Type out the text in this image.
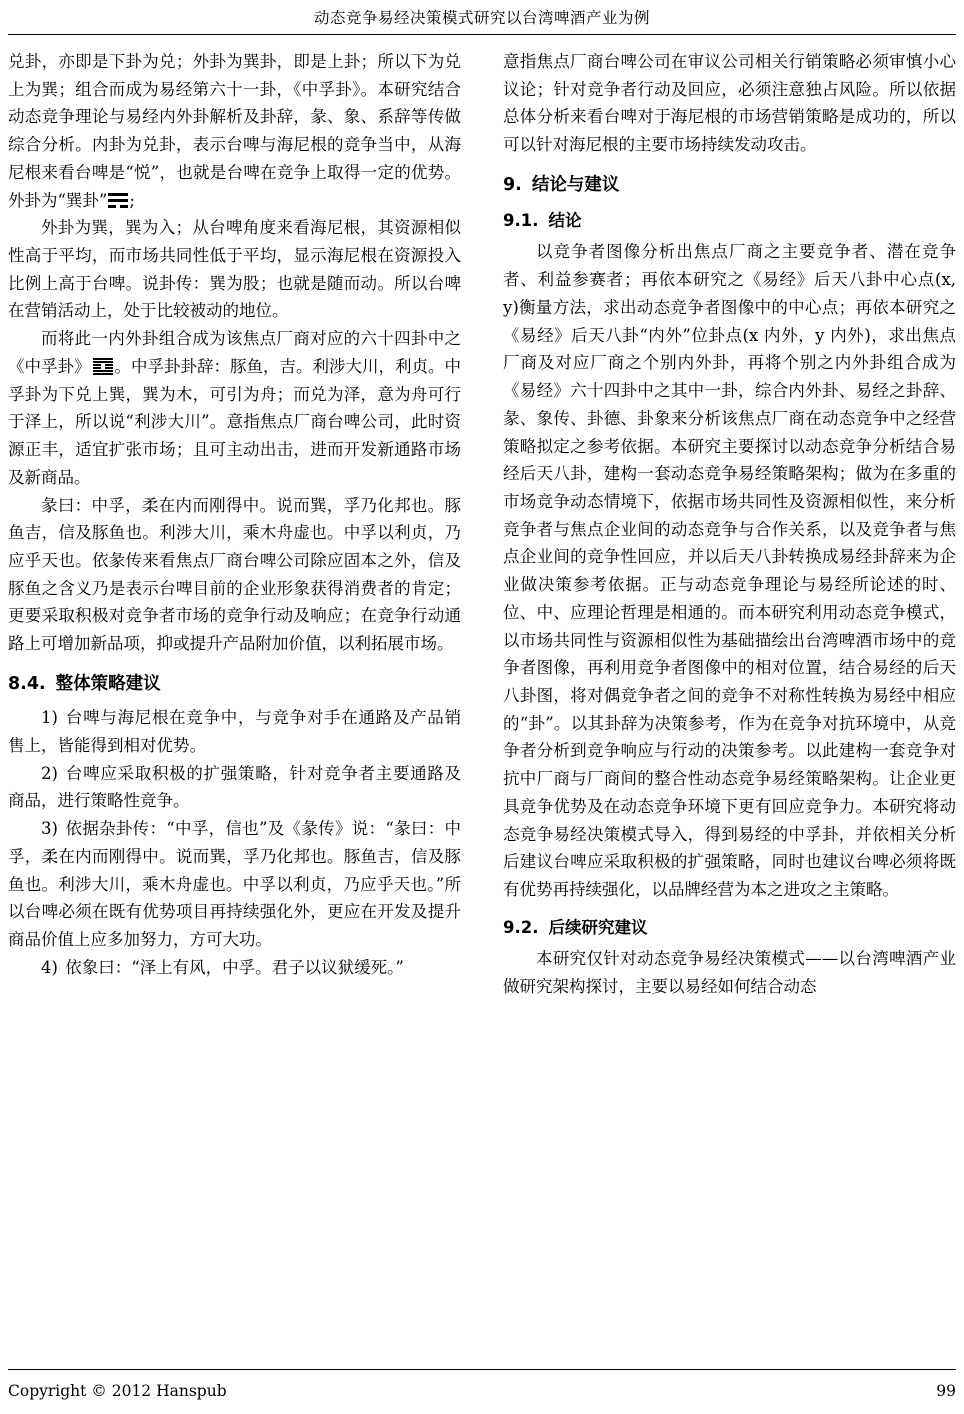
动态竞争易经决策模式研究以台湾啤酒产业为例

兑卦，亦即是下卦为兑；外卦为巽卦，即是上卦；所以下为兑上为巽；组合而成为易经第六十一卦，《中孚卦》。本研究结合动态竞争理论与易经内外卦解析及卦辞，彖、象、系辞等传做综合分析。内卦为兑卦，表示台啤与海尼根的竞争当中，从海尼根来看台啤是“悦”，也就是台啤在竞争上取得一定的优势。外卦为“巽卦” ;

外卦为巽，巽为入；从台啤角度来看海尼根，其资源相似性高于平均，而市场共同性低于平均，显示海尼根在资源投入比例上高于台啤。说卦传：巽为股；也就是随而动。所以台啤在营销活动上，处于比较被动的地位。

而将此一内外卦组合成为该焦点厂商对应的六十四卦中之《中孚卦》 。中孚卦卦辞：豚鱼，吉。利涉大川，利贞。中孚卦为下兑上巽，巽为木，可引为舟；而兑为泽，意为舟可行于泽上，所以说“利涉大川”。意指焦点厂商台啤公司，此时资源正丰，适宜扩张市场；且可主动出击，进而开发新通路市场及新商品。

彖曰：中孚，柔在内而刚得中。说而巽，孚乃化邦也。豚鱼吉，信及豚鱼也。利涉大川，乘木舟虚也。中孚以利贞，乃应乎天也。依彖传来看焦点厂商台啤公司除应固本之外，信及豚鱼之含义乃是表示台啤目前的企业形象获得消费者的肯定；更要采取积极对竞争者市场的竞争行动及响应；在竞争行动通路上可增加新品项，抑或提升产品附加价值，以利拓展市场。

8.4. 整体策略建议

1) 台啤与海尼根在竞争中，与竞争对手在通路及产品销售上，皆能得到相对优势。

2) 台啤应采取积极的扩强策略，针对竞争者主要通路及商品，进行策略性竞争。

3) 依据杂卦传：“中孚，信也”及《彖传》说：“彖曰：中孚，柔在内而刚得中。说而巽，孚乃化邦也。豚鱼吉，信及豚鱼也。利涉大川，乘木舟虚也。中孚以利贞，乃应乎天也。”所以台啤必须在既有优势项目再持续强化外，更应在开发及提升商品价值上应多加努力，方可大功。

4) 依象曰：“泽上有风，中孚。君子以议狱缓死。”

意指焦点厂商台啤公司在审议公司相关行销策略必须审慎小心议论；针对竞争者行动及回应，必须注意独占风险。所以依据总体分析来看台啤对于海尼根的市场营销策略是成功的，所以可以针对海尼根的主要市场持续发动攻击。

9. 结论与建议
9.1. 结论

以竞争者图像分析出焦点厂商之主要竞争者、潜在竞争者、利益参赛者；再依本研究之《易经》后天八卦中心点(x, y)衡量方法，求出动态竞争者图像中的中心点；再依本研究之《易经》后天八卦“内外”位卦点(x 内外，y 内外)，求出焦点厂商及对应厂商之个别内外卦，再将个别之内外卦组合成为《易经》六十四卦中之其中一卦，综合内外卦、易经之卦辞、彖、象传、卦德、卦象来分析该焦点厂商在动态竞争中之经营策略拟定之参考依据。本研究主要探讨以动态竞争分析结合易经后天八卦，建构一套动态竞争易经策略架构；做为在多重的市场竞争动态情境下，依据市场共同性及资源相似性，来分析竞争者与焦点企业间的动态竞争与合作关系，以及竞争者与焦点企业间的竞争性回应，并以后天八卦转换成易经卦辞来为企业做决策参考依据。正与动态竞争理论与易经所论述的时、位、中、应理论哲理是相通的。而本研究利用动态竞争模式，以市场共同性与资源相似性为基础描绘出台湾啤酒市场中的竞争者图像，再利用竞争者图像中的相对位置，结合易经的后天八卦图，将对偶竞争者之间的竞争不对称性转换为易经中相应的“卦”。以其卦辞为决策参考，作为在竞争对抗环境中，从竞争者分析到竞争响应与行动的决策参考。以此建构一套竞争对抗中厂商与厂商间的整合性动态竞争易经策略架构。让企业更具竞争优势及在动态竞争环境下更有回应竞争力。本研究将动态竞争易经决策模式导入，得到易经的中孚卦，并依相关分析后建议台啤应采取积极的扩强策略，同时也建议台啤必须将既有优势再持续强化，以品牌经营为本之进攻之主策略。

9.2. 后续研究建议

本研究仅针对动态竞争易经决策模式——以台湾啤酒产业做研究架构探讨，主要以易经如何结合动态

Copyright © 2012 Hanspub	99
